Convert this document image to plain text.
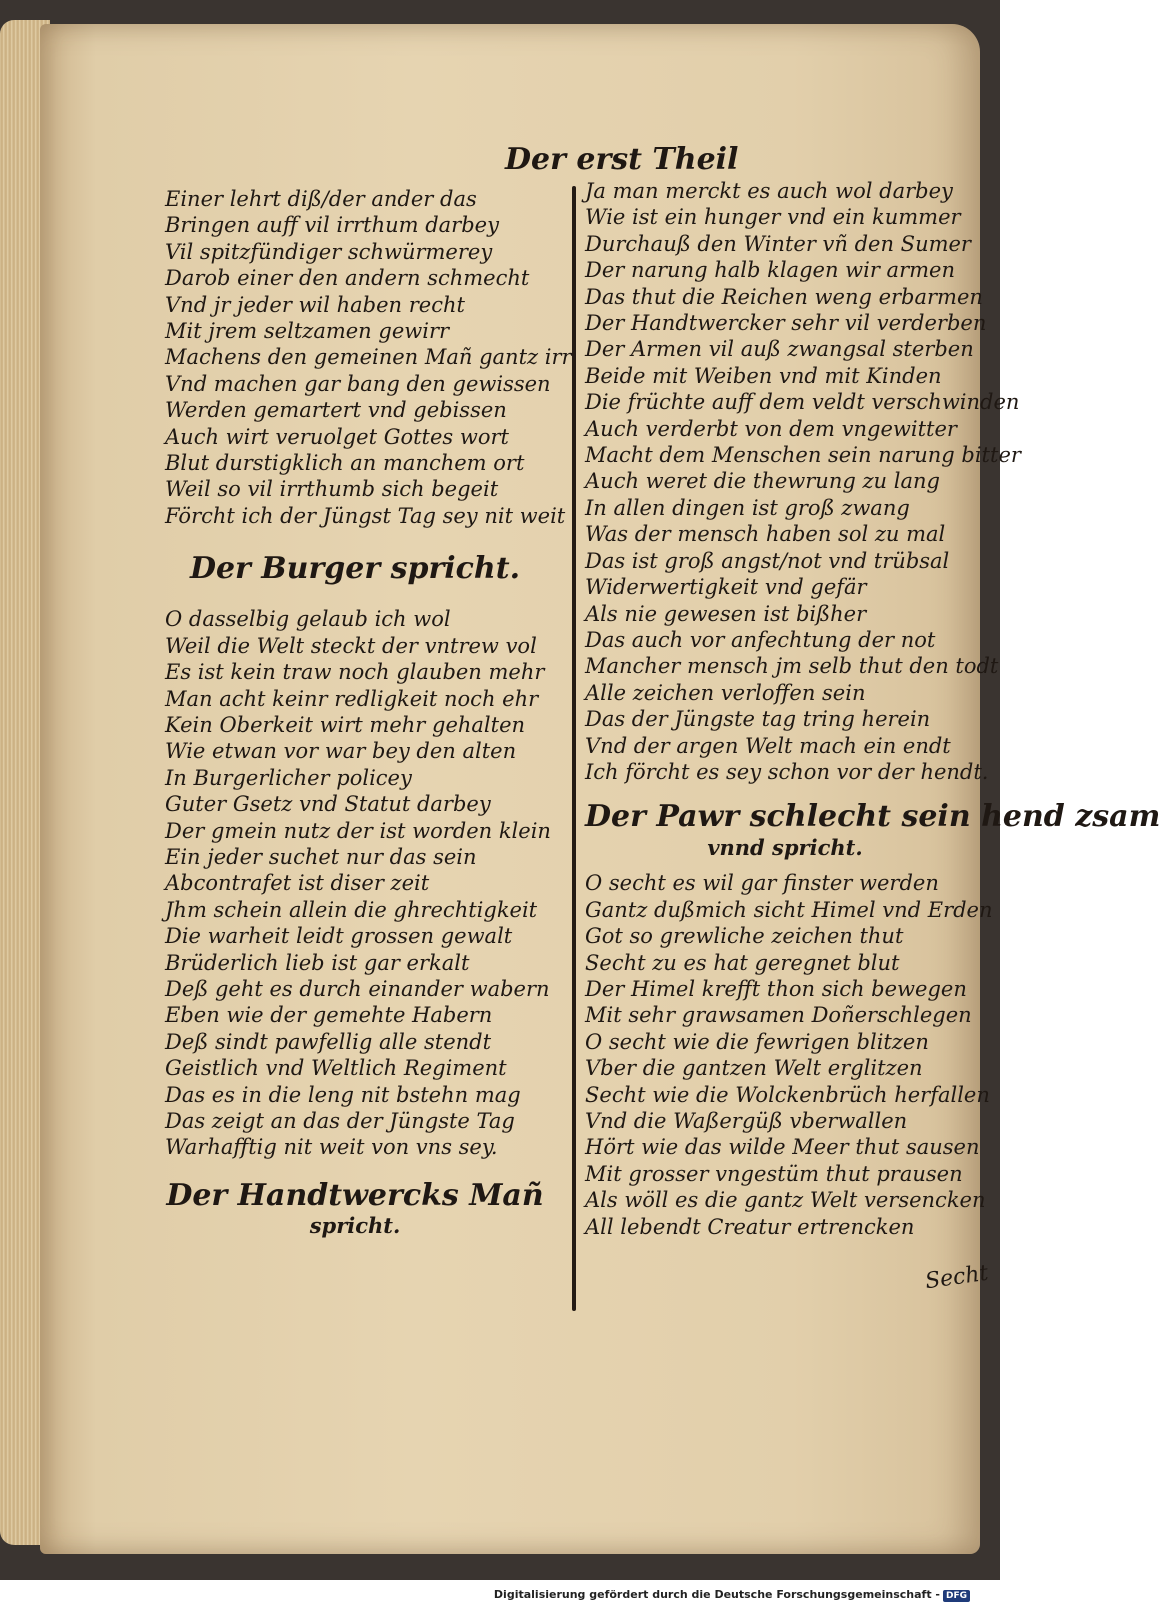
Der erst Theil
Einer lehrt diß/der ander das
Bringen auff vil irrthum darbey
Vil spitzfündiger schwürmerey
Darob einer den andern schmecht
Vnd jr jeder wil haben recht
Mit jrem seltzamen gewirr
Machens den gemeinen Mañ gantz irr
Vnd machen gar bang den gewissen
Werden gemartert vnd gebissen
Auch wirt veruolget Gottes wort
Blut durstigklich an manchem ort
Weil so vil irrthumb sich begeit
Förcht ich der Jüngst Tag sey nit weit
Der Burger spricht.
O dasselbig gelaub ich wol
Weil die Welt steckt der vntrew vol
Es ist kein traw noch glauben mehr
Man acht keinr redligkeit noch ehr
Kein Oberkeit wirt mehr gehalten
Wie etwan vor war bey den alten
In Burgerlicher policey
Guter Gsetz vnd Statut darbey
Der gmein nutz der ist worden klein
Ein jeder suchet nur das sein
Abcontrafet ist diser zeit
Jhm schein allein die ghrechtigkeit
Die warheit leidt grossen gewalt
Brüderlich lieb ist gar erkalt
Deß geht es durch einander wabern
Eben wie der gemehte Habern
Deß sindt pawfellig alle stendt
Geistlich vnd Weltlich Regiment
Das es in die leng nit bstehn mag
Das zeigt an das der Jüngste Tag
Warhafftig nit weit von vns sey.
Der Handtwercks Mañ
spricht.
Ja man merckt es auch wol darbey
Wie ist ein hunger vnd ein kummer
Durchauß den Winter vñ den Sumer
Der narung halb klagen wir armen
Das thut die Reichen weng erbarmen
Der Handtwercker sehr vil verderben
Der Armen vil auß zwangsal sterben
Beide mit Weiben vnd mit Kinden
Die früchte auff dem veldt verschwinden
Auch verderbt von dem vngewitter
Macht dem Menschen sein narung bitter
Auch weret die thewrung zu lang
In allen dingen ist groß zwang
Was der mensch haben sol zu mal
Das ist groß angst/not vnd trübsal
Widerwertigkeit vnd gefär
Als nie gewesen ist bißher
Das auch vor anfechtung der not
Mancher mensch jm selb thut den todt
Alle zeichen verloffen sein
Das der Jüngste tag tring herein
Vnd der argen Welt mach ein endt
Ich förcht es sey schon vor der hendt.
Der Pawr schlecht sein hend zsam
vnnd spricht.
O secht es wil gar finster werden
Gantz dußmich sicht Himel vnd Erden
Got so grewliche zeichen thut
Secht zu es hat geregnet blut
Der Himel krefft thon sich bewegen
Mit sehr grawsamen Doñerschlegen
O secht wie die fewrigen blitzen
Vber die gantzen Welt erglitzen
Secht wie die Wolckenbrüch herfallen
Vnd die Waßergüß vberwallen
Hört wie das wilde Meer thut sausen
Mit grosser vngestüm thut prausen
Als wöll es die gantz Welt versencken
All lebendt Creatur ertrencken
Secht
Digitalisierung gefördert durch die Deutsche Forschungsgemeinschaft - DFG
